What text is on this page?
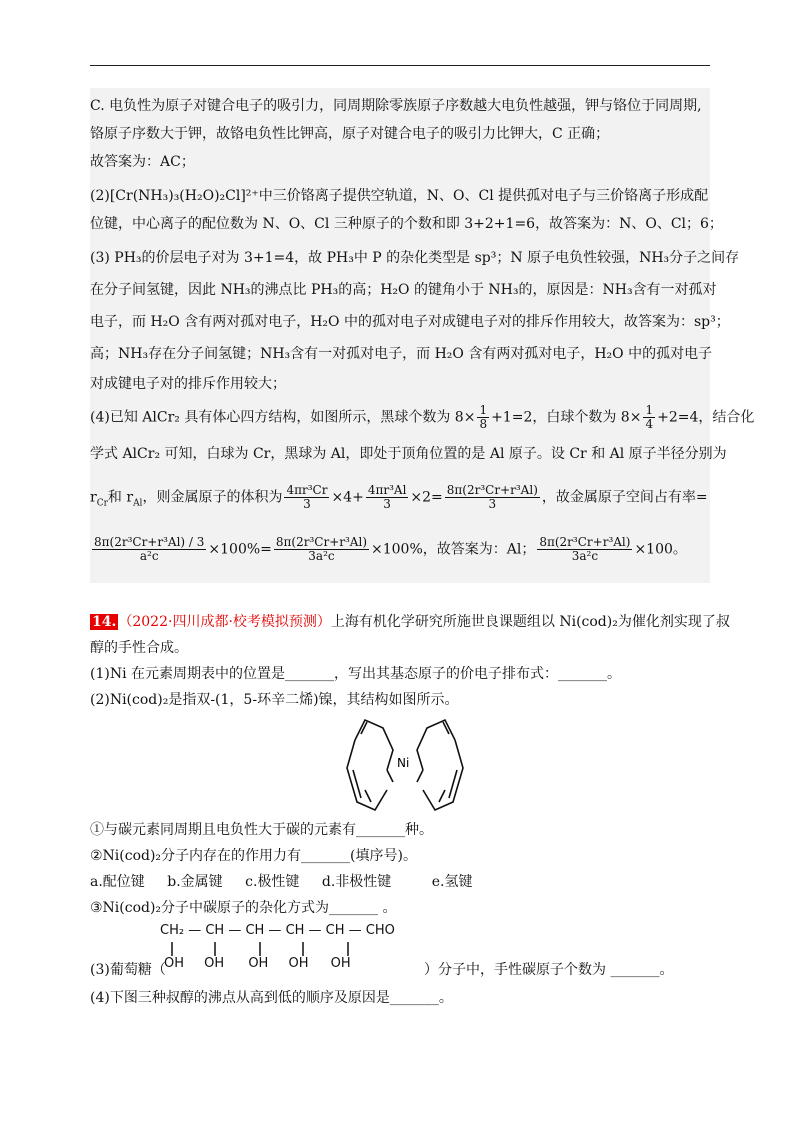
C. 电负性为原子对键合电子的吸引力，同周期除零族原子序数越大电负性越强，钾与铬位于同周期,
铬原子序数大于钾，故铬电负性比钾高，原子对键合电子的吸引力比钾大，C 正确；
故答案为：AC；
(2)[Cr(NH₃)₃(H₂O)₂Cl]²⁺中三价铬离子提供空轨道，N、O、Cl 提供孤对电子与三价铬离子形成配
位键，中心离子的配位数为 N、O、Cl 三种原子的个数和即 3+2+1=6，故答案为：N、O、Cl；6；
(3) PH₃的价层电子对为 3+1=4，故 PH₃中 P 的杂化类型是 sp³；N 原子电负性较强，NH₃分子之间存
在分子间氢键，因此 NH₃的沸点比 PH₃的高；H₂O 的键角小于 NH₃的，原因是：NH₃含有一对孤对
电子，而 H₂O 含有两对孤对电子，H₂O 中的孤对电子对成键电子对的排斥作用较大，故答案为：sp³；
高；NH₃存在分子间氢键；NH₃含有一对孤对电子，而 H₂O 含有两对孤对电子，H₂O 中的孤对电子
对成键电子对的排斥作用较大；
(4)已知 AlCr₂ 具有体心四方结构，如图所示，黑球个数为 $8\times \frac{1}{8} +1=2$，白球个数为 $8\times \frac{1}{4} +2=4$，结合化
学式 AlCr₂ 可知，白球为 Cr，黑球为 Al，即处于顶角位置的是 Al 原子。设 Cr 和 Al 原子半径分别为
$r_{Cr}$和 $r_{Al}$，则金属原子的体积为 $\frac{\text{4πr³Cr}}{3} \times 4+ \frac{\text{4πr³Al}}{3} \times 2= \frac{\text{8π(2r³Cr+r³Al)}}{3}$ ，故金属原子空间占有率=
$\frac{\text{8π(2r³Cr+r³Al) / 3}}{\text{a²c}} \times 100\%= \frac{\text{8π(2r³Cr+r³Al)}}{\text{3a²c}} \times 100\%$，故答案为：Al； $\frac{\text{8π(2r³Cr+r³Al)}}{\text{3a²c}} \times 100$。
14. （2022·四川成都·校考模拟预测）上海有机化学研究所施世良课题组以 Ni(cod)₂为催化剂实现了叔
醇的手性合成。
(1)Ni 在元素周期表中的位置是_______，写出其基态原子的价电子排布式：_______。
(2)Ni(cod)₂是指双-(1，5-环辛二烯)镍，其结构如图所示。
Ni
①与碳元素同周期且电负性大于碳的元素有_______种。
②Ni(cod)₂分子内存在的作用力有_______(填序号)。
a.配位键 b.金属键 c.极性键 d.非极性键	e.氢键
③Ni(cod)₂分子中碳原子的杂化方式为_______ 。
CH₂ — CH — CH — CH — CH — CHO
(3)葡萄糖（
OH OH OH OH OH	）分子中，手性碳原子个数为 _______。
(4)下图三种叔醇的沸点从高到低的顺序及原因是_______。
